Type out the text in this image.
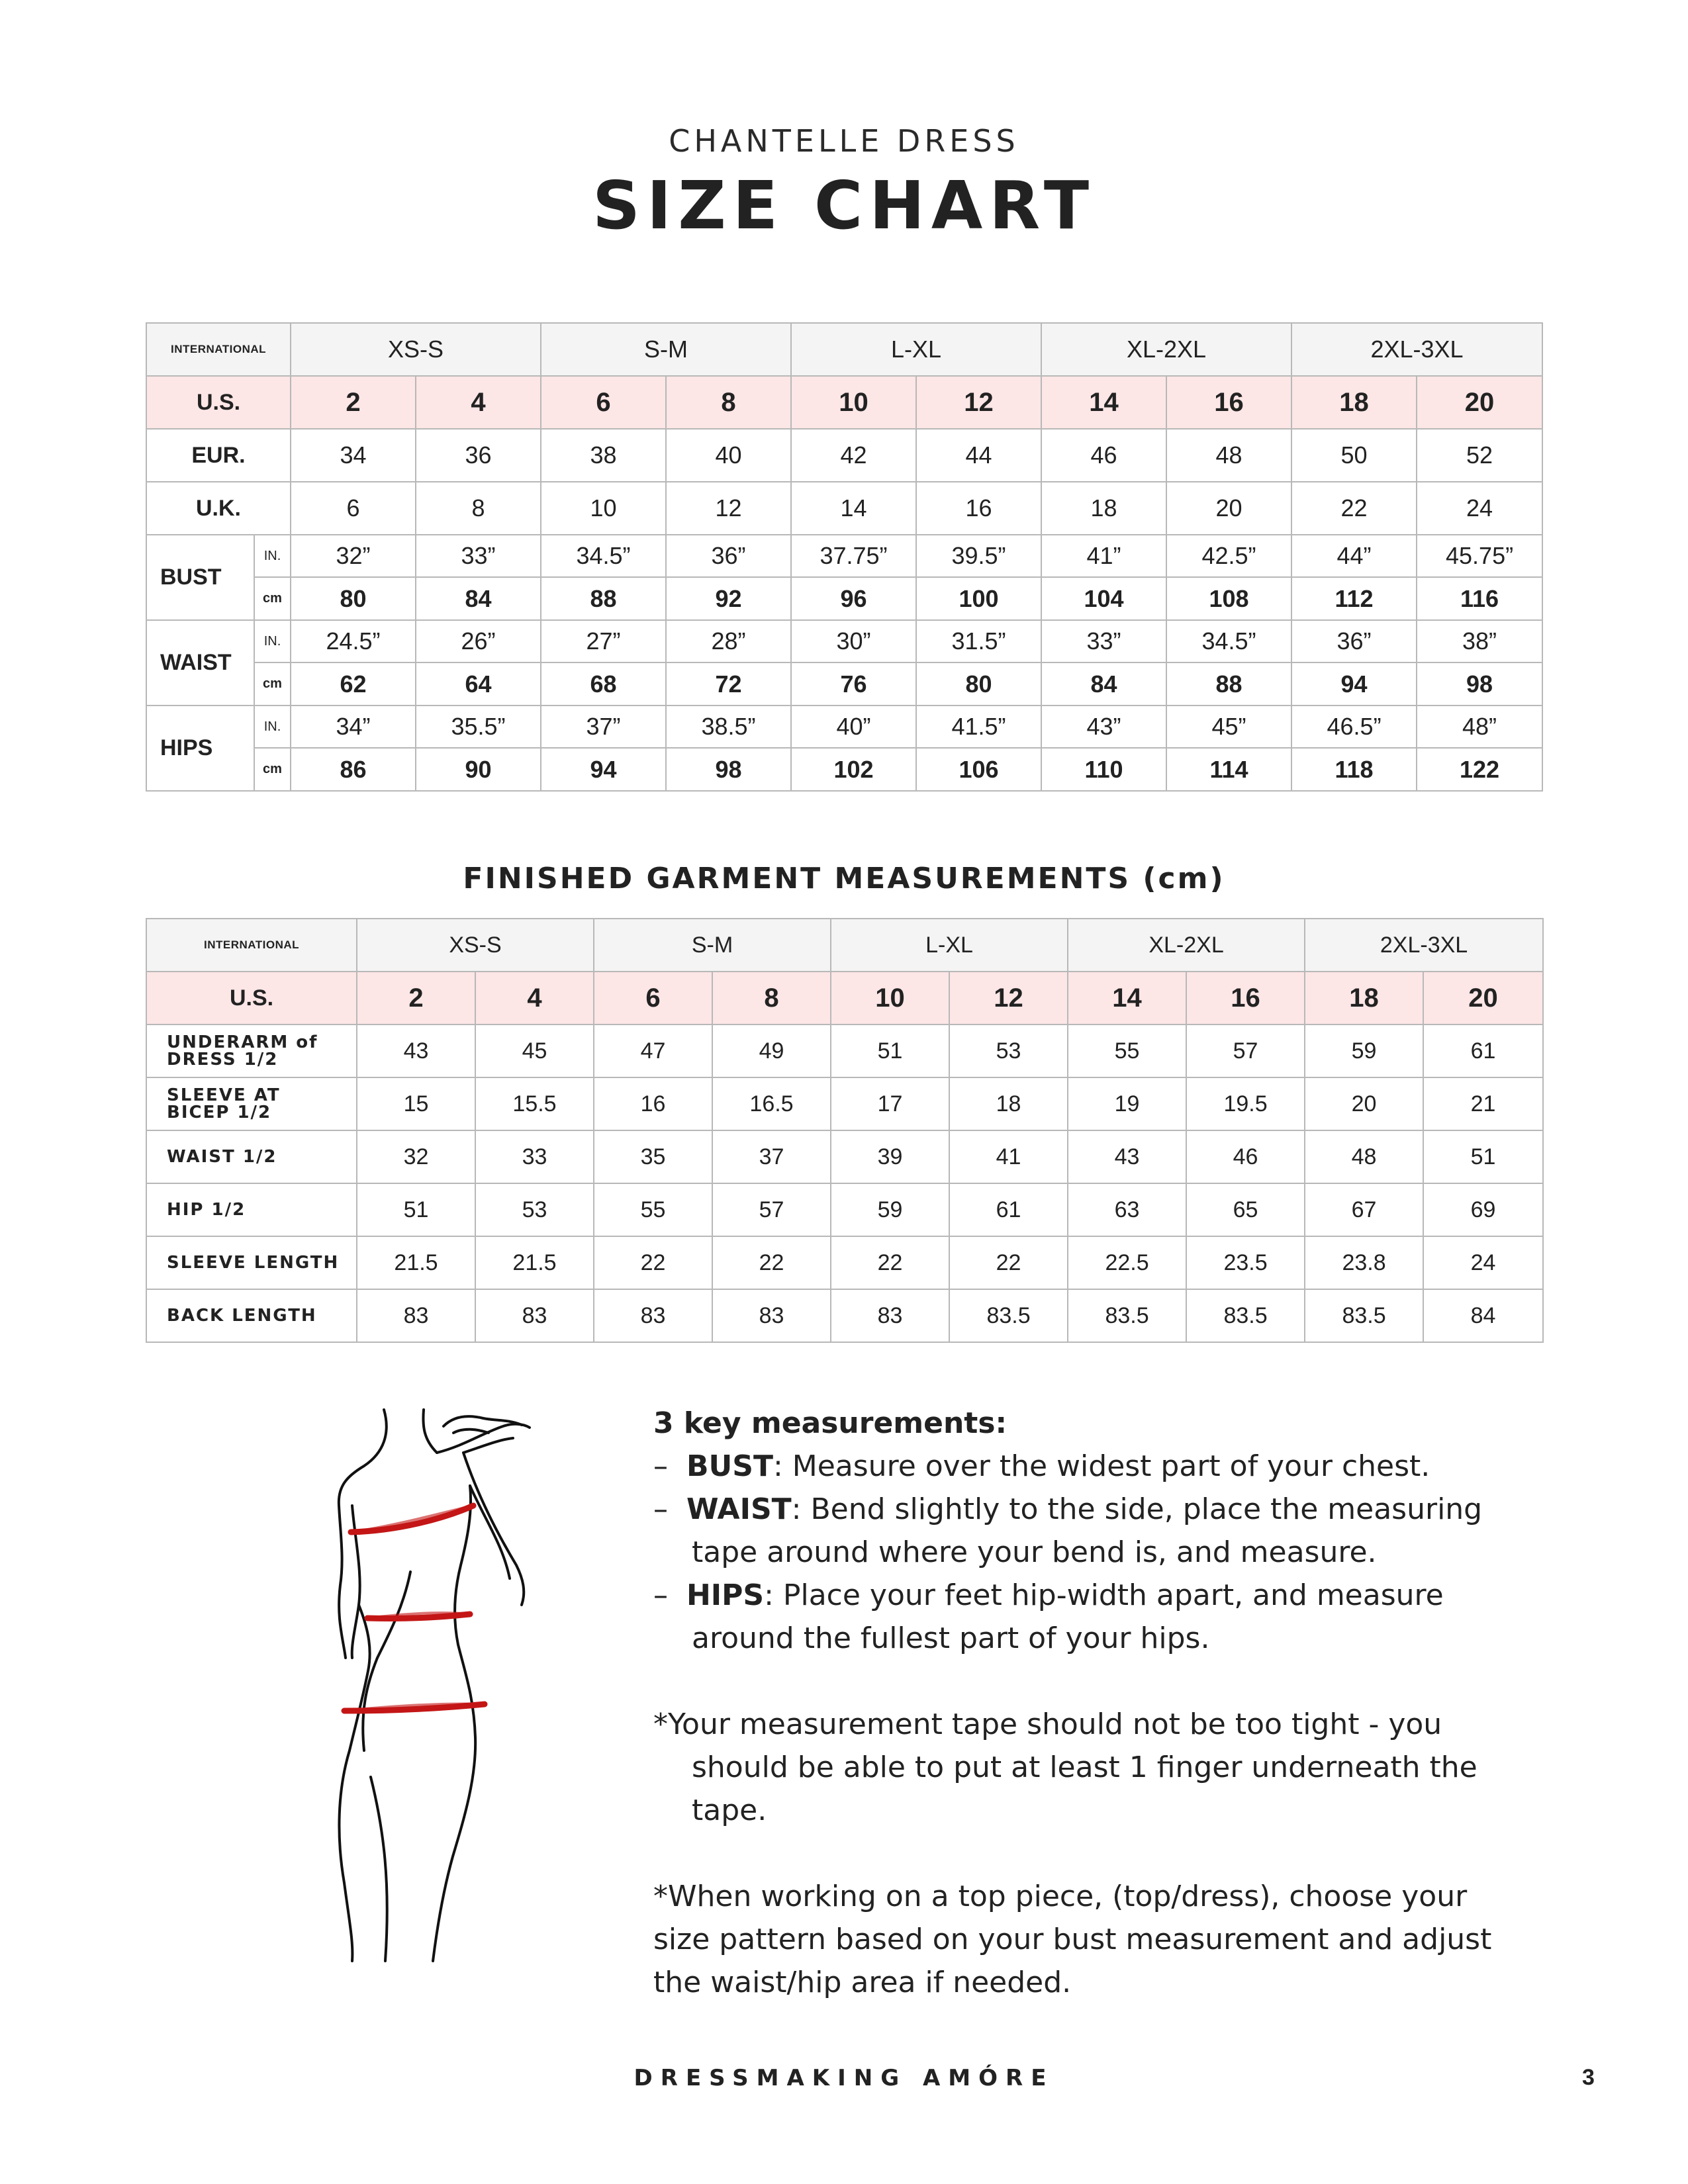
CHANTELLE DRESS
SIZE CHART
INTERNATIONAL		XS-S		S-M		L-XL		XL-2XL		2XL-3XL	
U.S.		2	4	6	8	10	12	14	16	18	20
EUR.		34	36	38	40	42	44	46	48	50	52
U.K.		6	8	10	12	14	16	18	20	22	24
BUST	IN.	32”	33”	34.5”	36”	37.75”	39.5”	41”	42.5”	44”	45.75”
	cm	80	84	88	92	96	100	104	108	112	116
WAIST	IN.	24.5”	26”	27”	28”	30”	31.5”	33”	34.5”	36”	38”
	cm	62	64	68	72	76	80	84	88	94	98
HIPS	IN.	34”	35.5”	37”	38.5”	40”	41.5”	43”	45”	46.5”	48”
	cm	86	90	94	98	102	106	110	114	118	122
FINISHED GARMENT MEASUREMENTS (cm)
INTERNATIONAL	XS-S		S-M		L-XL		XL-2XL		2XL-3XL	
U.S.	2	4	6	8	10	12	14	16	18	20
UNDERARM of
DRESS 1/2	43	45	47	49	51	53	55	57	59	61
SLEEVE AT
BICEP 1/2	15	15.5	16	16.5	17	18	19	19.5	20	21
WAIST 1/2	32	33	35	37	39	41	43	46	48	51
HIP 1/2	51	53	55	57	59	61	63	65	67	69
SLEEVE LENGTH	21.5	21.5	22	22	22	22	22.5	23.5	23.8	24
BACK LENGTH	83	83	83	83	83	83.5	83.5	83.5	83.5	84
3 key measurements:
– BUST: Measure over the widest part of your chest.
– WAIST: Bend slightly to the side, place the measuring tape around where your bend is, and measure.
– HIPS: Place your feet hip-width apart, and measure around the fullest part of your hips.
*Your measurement tape should not be too tight - you should be able to put at least 1 finger underneath the tape.
*When working on a top piece, (top/dress), choose your size pattern based on your bust measurement and adjust the waist/hip area if needed.
DRESSMAKING AMÓRE	3
